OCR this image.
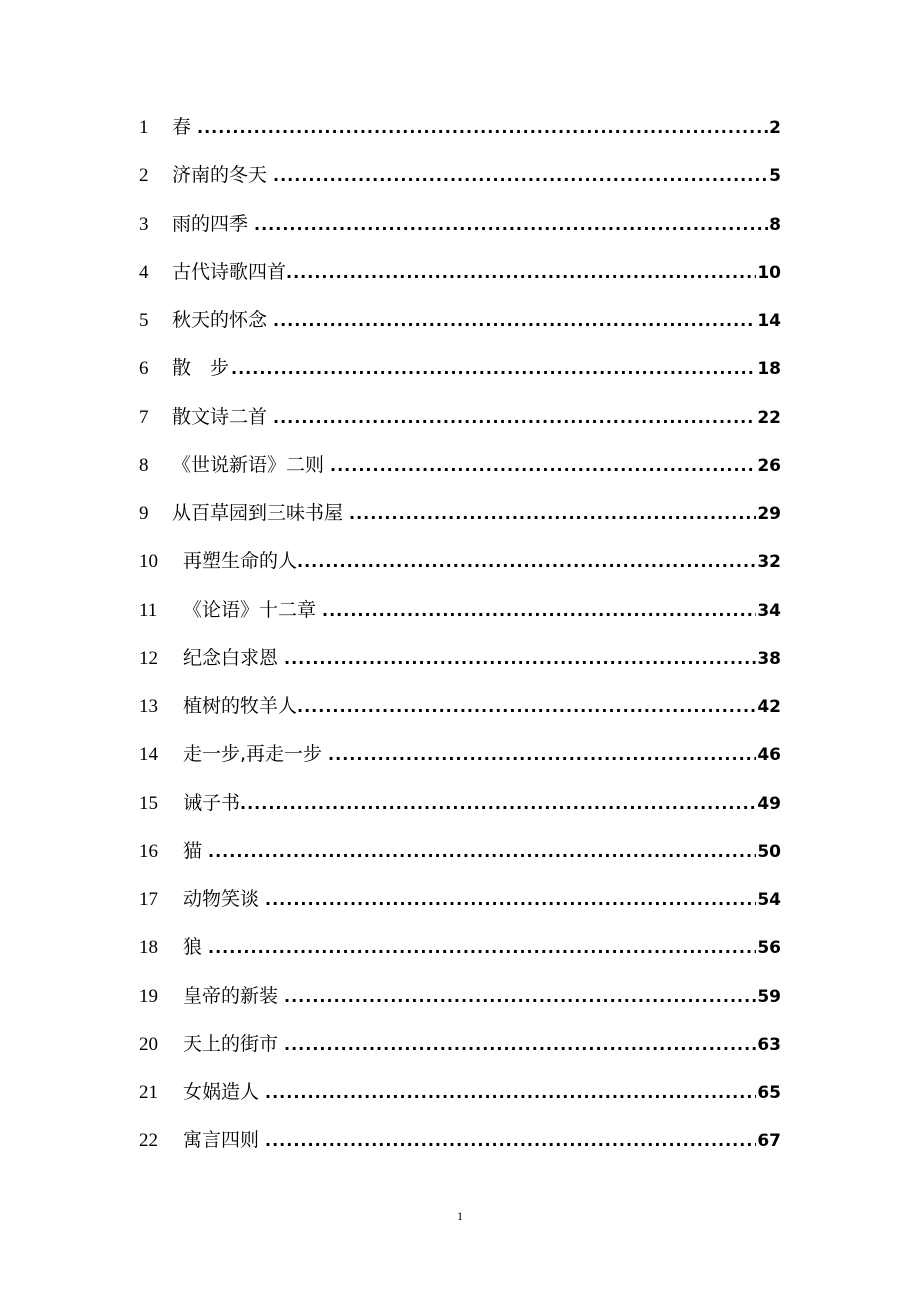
1	春 .....	2
2	济南的冬天 .....	5
3	雨的四季 .....	8
4	古代诗歌四首 .....	10
5	秋天的怀念 .....	14
6	散　步 .....	18
7	散文诗二首 .....	22
8	《世说新语》二则 .....	26
9	从百草园到三味书屋 .....	29
10	再塑生命的人 .....	32
11	《论语》十二章 .....	34
12	纪念白求恩 .....	38
13	植树的牧羊人 .....	42
14	走一步,再走一步 .....	46
15	诫子书 .....	49
16	猫 .....	50
17	动物笑谈 .....	54
18	狼 .....	56
19	皇帝的新装 .....	59
20	天上的街市 .....	63
21	女娲造人 .....	65
22	寓言四则 .....	67
1
